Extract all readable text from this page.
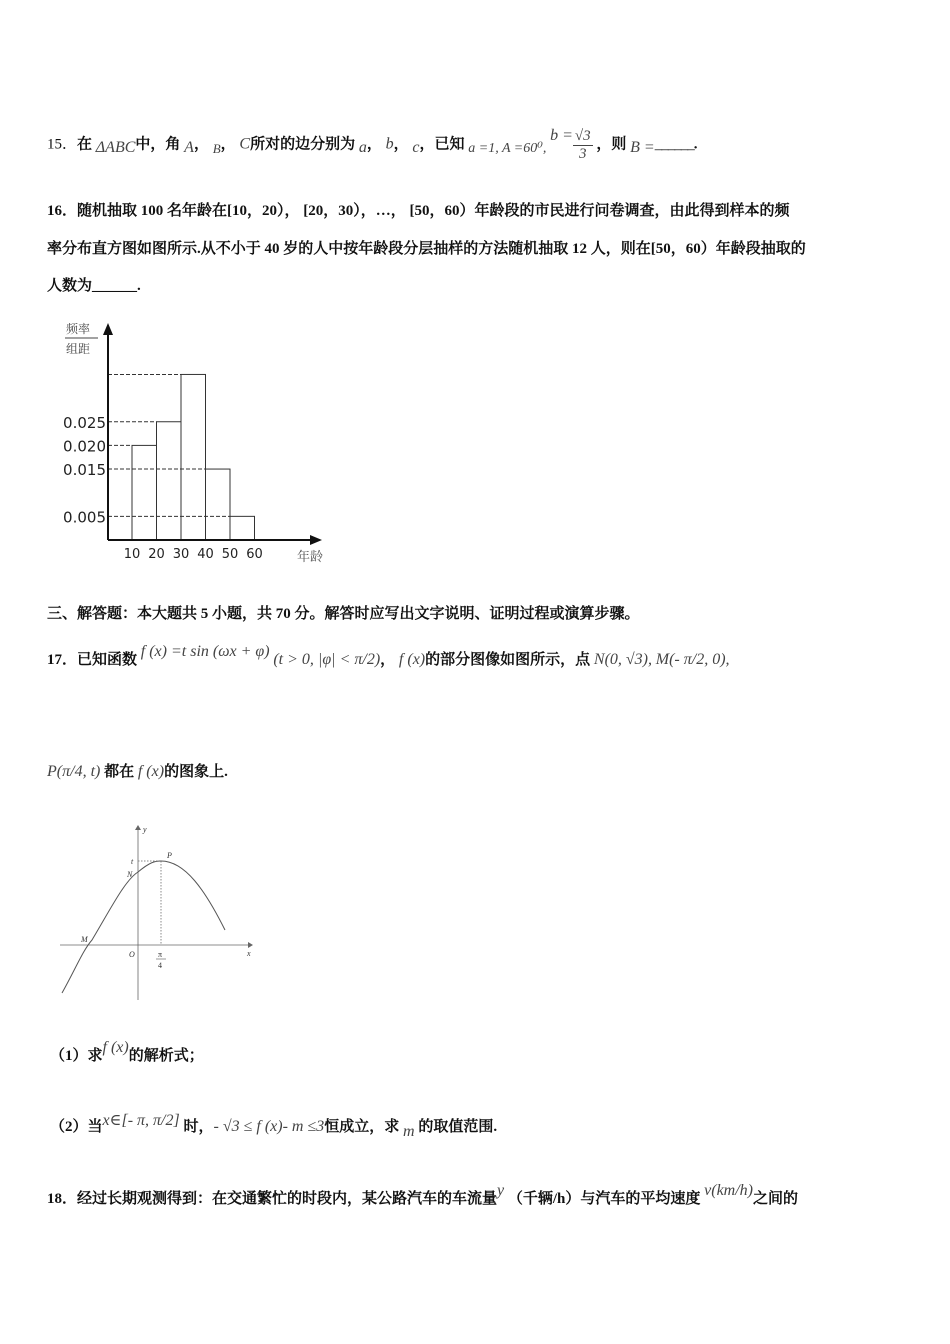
15．在 ΔABC中，角 A， B， C所对的边分别为 a， b， c，已知 a =1, A =60⁰, $b = \frac{√3}{3}$ ，则 B =______.
16．随机抽取 100 名年龄在[10，20）， [20，30），…， [50，60）年龄段的市民进行问卷调查，由此得到样本的频
率分布直方图如图所示.从不小于 40 岁的人中按年龄段分层抽样的方法随机抽取 12 人，则在[50，60）年龄段抽取的
人数为______.
0.025
0.020
0.015
0.005
10 20 30 40 50 60
频率
组距
年龄
三、解答题：本大题共 5 小题，共 70 分。解答时应写出文字说明、证明过程或演算步骤。
17．已知函数 f (x) =t sin (ωx + φ) (t > 0, |φ| < π/2)， f (x)的部分图像如图所示，点 N(0, √3), M(- π/2, 0),
P(π/4, t) 都在 f (x)的图象上.
y
x
O
t
N
M
P
π
4
（1）求f (x)的解析式；
（2）当x∈[- π, π/2] 时，- √3 ≤ f (x)- m ≤3恒成立，求 m 的取值范围.
18．经过长期观测得到：在交通繁忙的时段内，某公路汽车的车流量y （千辆/h）与汽车的平均速度 v(km/h)之间的
